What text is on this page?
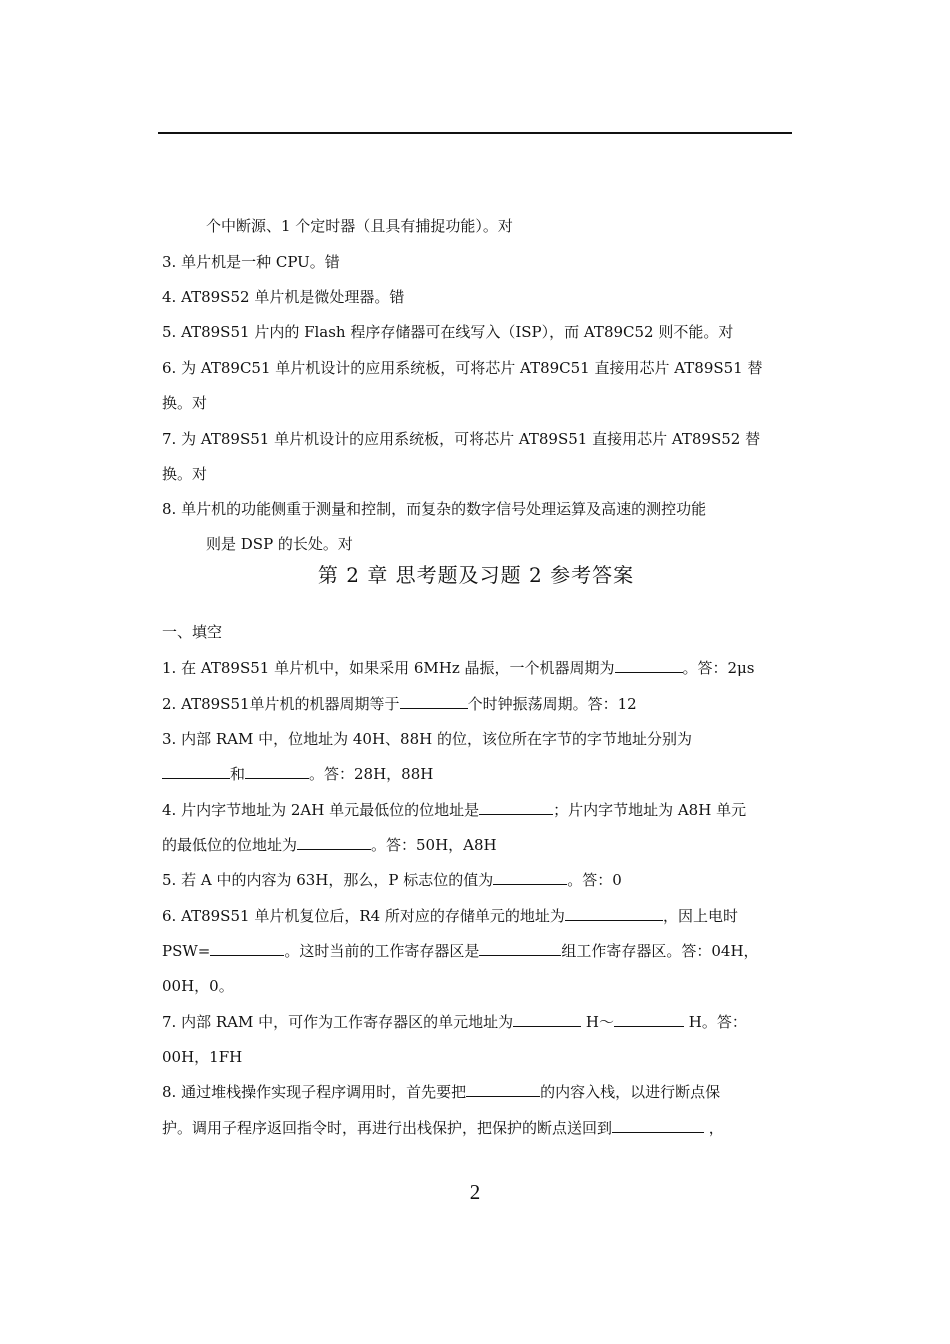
个中断源、1 个定时器（且具有捕捉功能）。对
3. 单片机是一种 CPU。错
4. AT89S52 单片机是微处理器。错
5. AT89S51 片内的 Flash 程序存储器可在线写入（ISP），而 AT89C52 则不能。对
6. 为 AT89C51 单片机设计的应用系统板，可将芯片 AT89C51 直接用芯片 AT89S51 替
换。对
7. 为 AT89S51 单片机设计的应用系统板，可将芯片 AT89S51 直接用芯片 AT89S52 替
换。对
8. 单片机的功能侧重于测量和控制，而复杂的数字信号处理运算及高速的测控功能
则是 DSP 的长处。对
第 2 章 思考题及习题 2 参考答案
一、填空
1. 在 AT89S51 单片机中，如果采用 6MHz 晶振，一个机器周期为	。答：2μs
2. AT89S51单片机的机器周期等于	个时钟振荡周期。答：12
3. 内部 RAM 中，位地址为 40H、88H 的位，该位所在字节的字节地址分别为
和	。答：28H，88H
4. 片内字节地址为 2AH 单元最低位的位地址是	；片内字节地址为 A8H 单元
的最低位的位地址为	。答：50H，A8H
5. 若 A 中的内容为 63H，那么，P 标志位的值为	。答：0
6. AT89S51 单片机复位后，R4 所对应的存储单元的地址为	，因上电时
PSW=	。这时当前的工作寄存器区是	组工作寄存器区。答：04H，
00H，0。
7. 内部 RAM 中，可作为工作寄存器区的单元地址为	H～	H。答：
00H，1FH
8. 通过堆栈操作实现子程序调用时，首先要把	的内容入栈，以进行断点保
护。调用子程序返回指令时，再进行出栈保护，把保护的断点送回到	，
2
